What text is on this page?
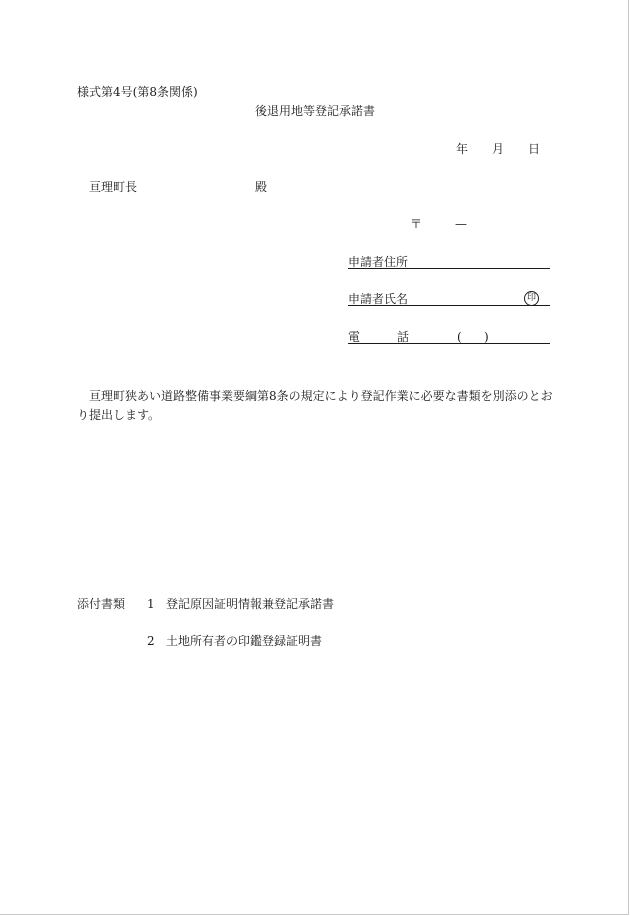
様式第4号(第8条関係)
後退用地等登記承諾書
年 月 日
亘理町長	殿
〒	—
申請者住所
申請者氏名	印
電	話	( )
亘理町狭あい道路整備事業要綱第8条の規定により登記作業に必要な書類を別添のとおり提出します。
添付書類 1 登記原因証明情報兼登記承諾書
2 土地所有者の印鑑登録証明書
